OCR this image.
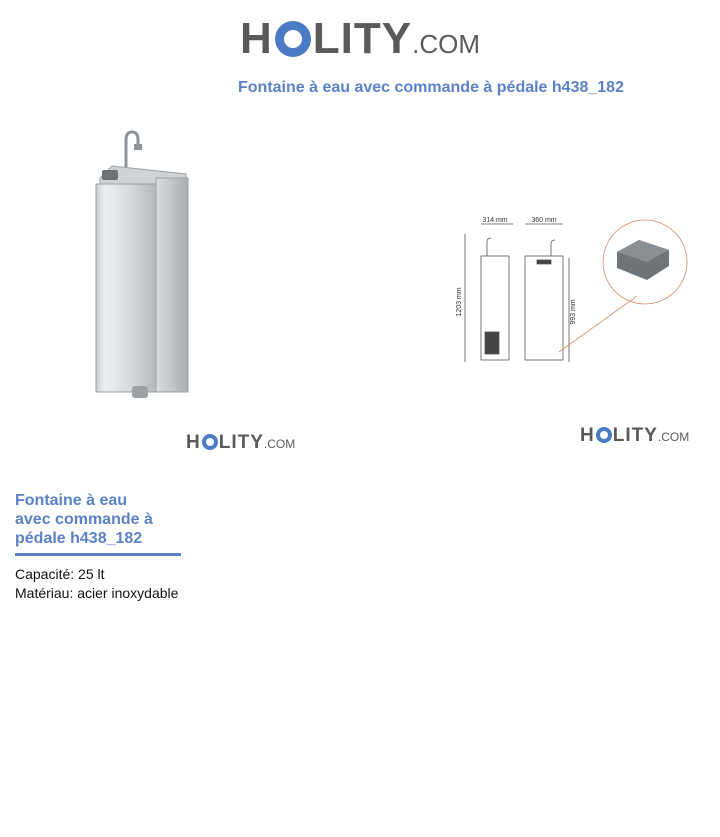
H LITY .COM
Fontaine à eau avec commande à pédale h438_182
H LITY .COM
314 mm	360 mm
1203 mm	993 mm
H LITY .COM
Fontaine à eau
avec commande à
pédale h438_182
Capacité: 25 lt
Matériau: acier inoxydable
